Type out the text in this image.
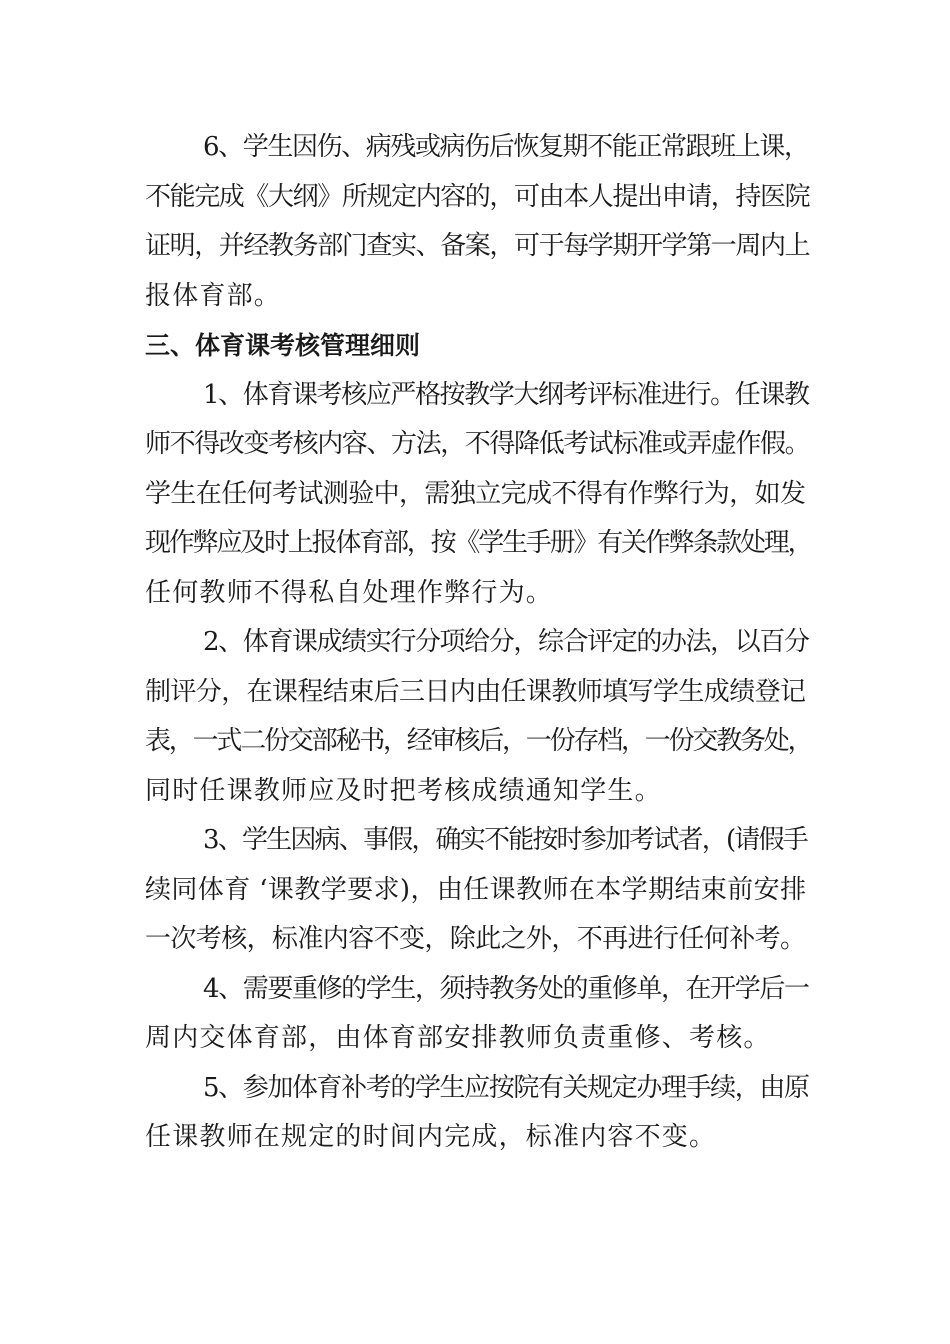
6、学生因伤、病残或病伤后恢复期不能正常跟班上课，
不能完成《大纲》所规定内容的，可由本人提出申请，持医院
证明，并经教务部门查实、备案，可于每学期开学第一周内上
报体育部。
三、体育课考核管理细则
1、体育课考核应严格按教学大纲考评标准进行。任课教
师不得改变考核内容、方法，不得降低考试标准或弄虚作假。
学生在任何考试测验中，需独立完成不得有作弊行为，如发
现作弊应及时上报体育部，按《学生手册》有关作弊条款处理，
任何教师不得私自处理作弊行为。
2、体育课成绩实行分项给分，综合评定的办法，以百分
制评分，在课程结束后三日内由任课教师填写学生成绩登记
表，一式二份交部秘书，经审核后，一份存档，一份交教务处，
同时任课教师应及时把考核成绩通知学生。
3、学生因病、事假，确实不能按时参加考试者，(请假手
续同体育 ‘课教学要求)，由任课教师在本学期结束前安排
一次考核，标准内容不变，除此之外，不再进行任何补考。
4、需要重修的学生，须持教务处的重修单，在开学后一
周内交体育部，由体育部安排教师负责重修、考核。
5、参加体育补考的学生应按院有关规定办理手续，由原
任课教师在规定的时间内完成，标准内容不变。
